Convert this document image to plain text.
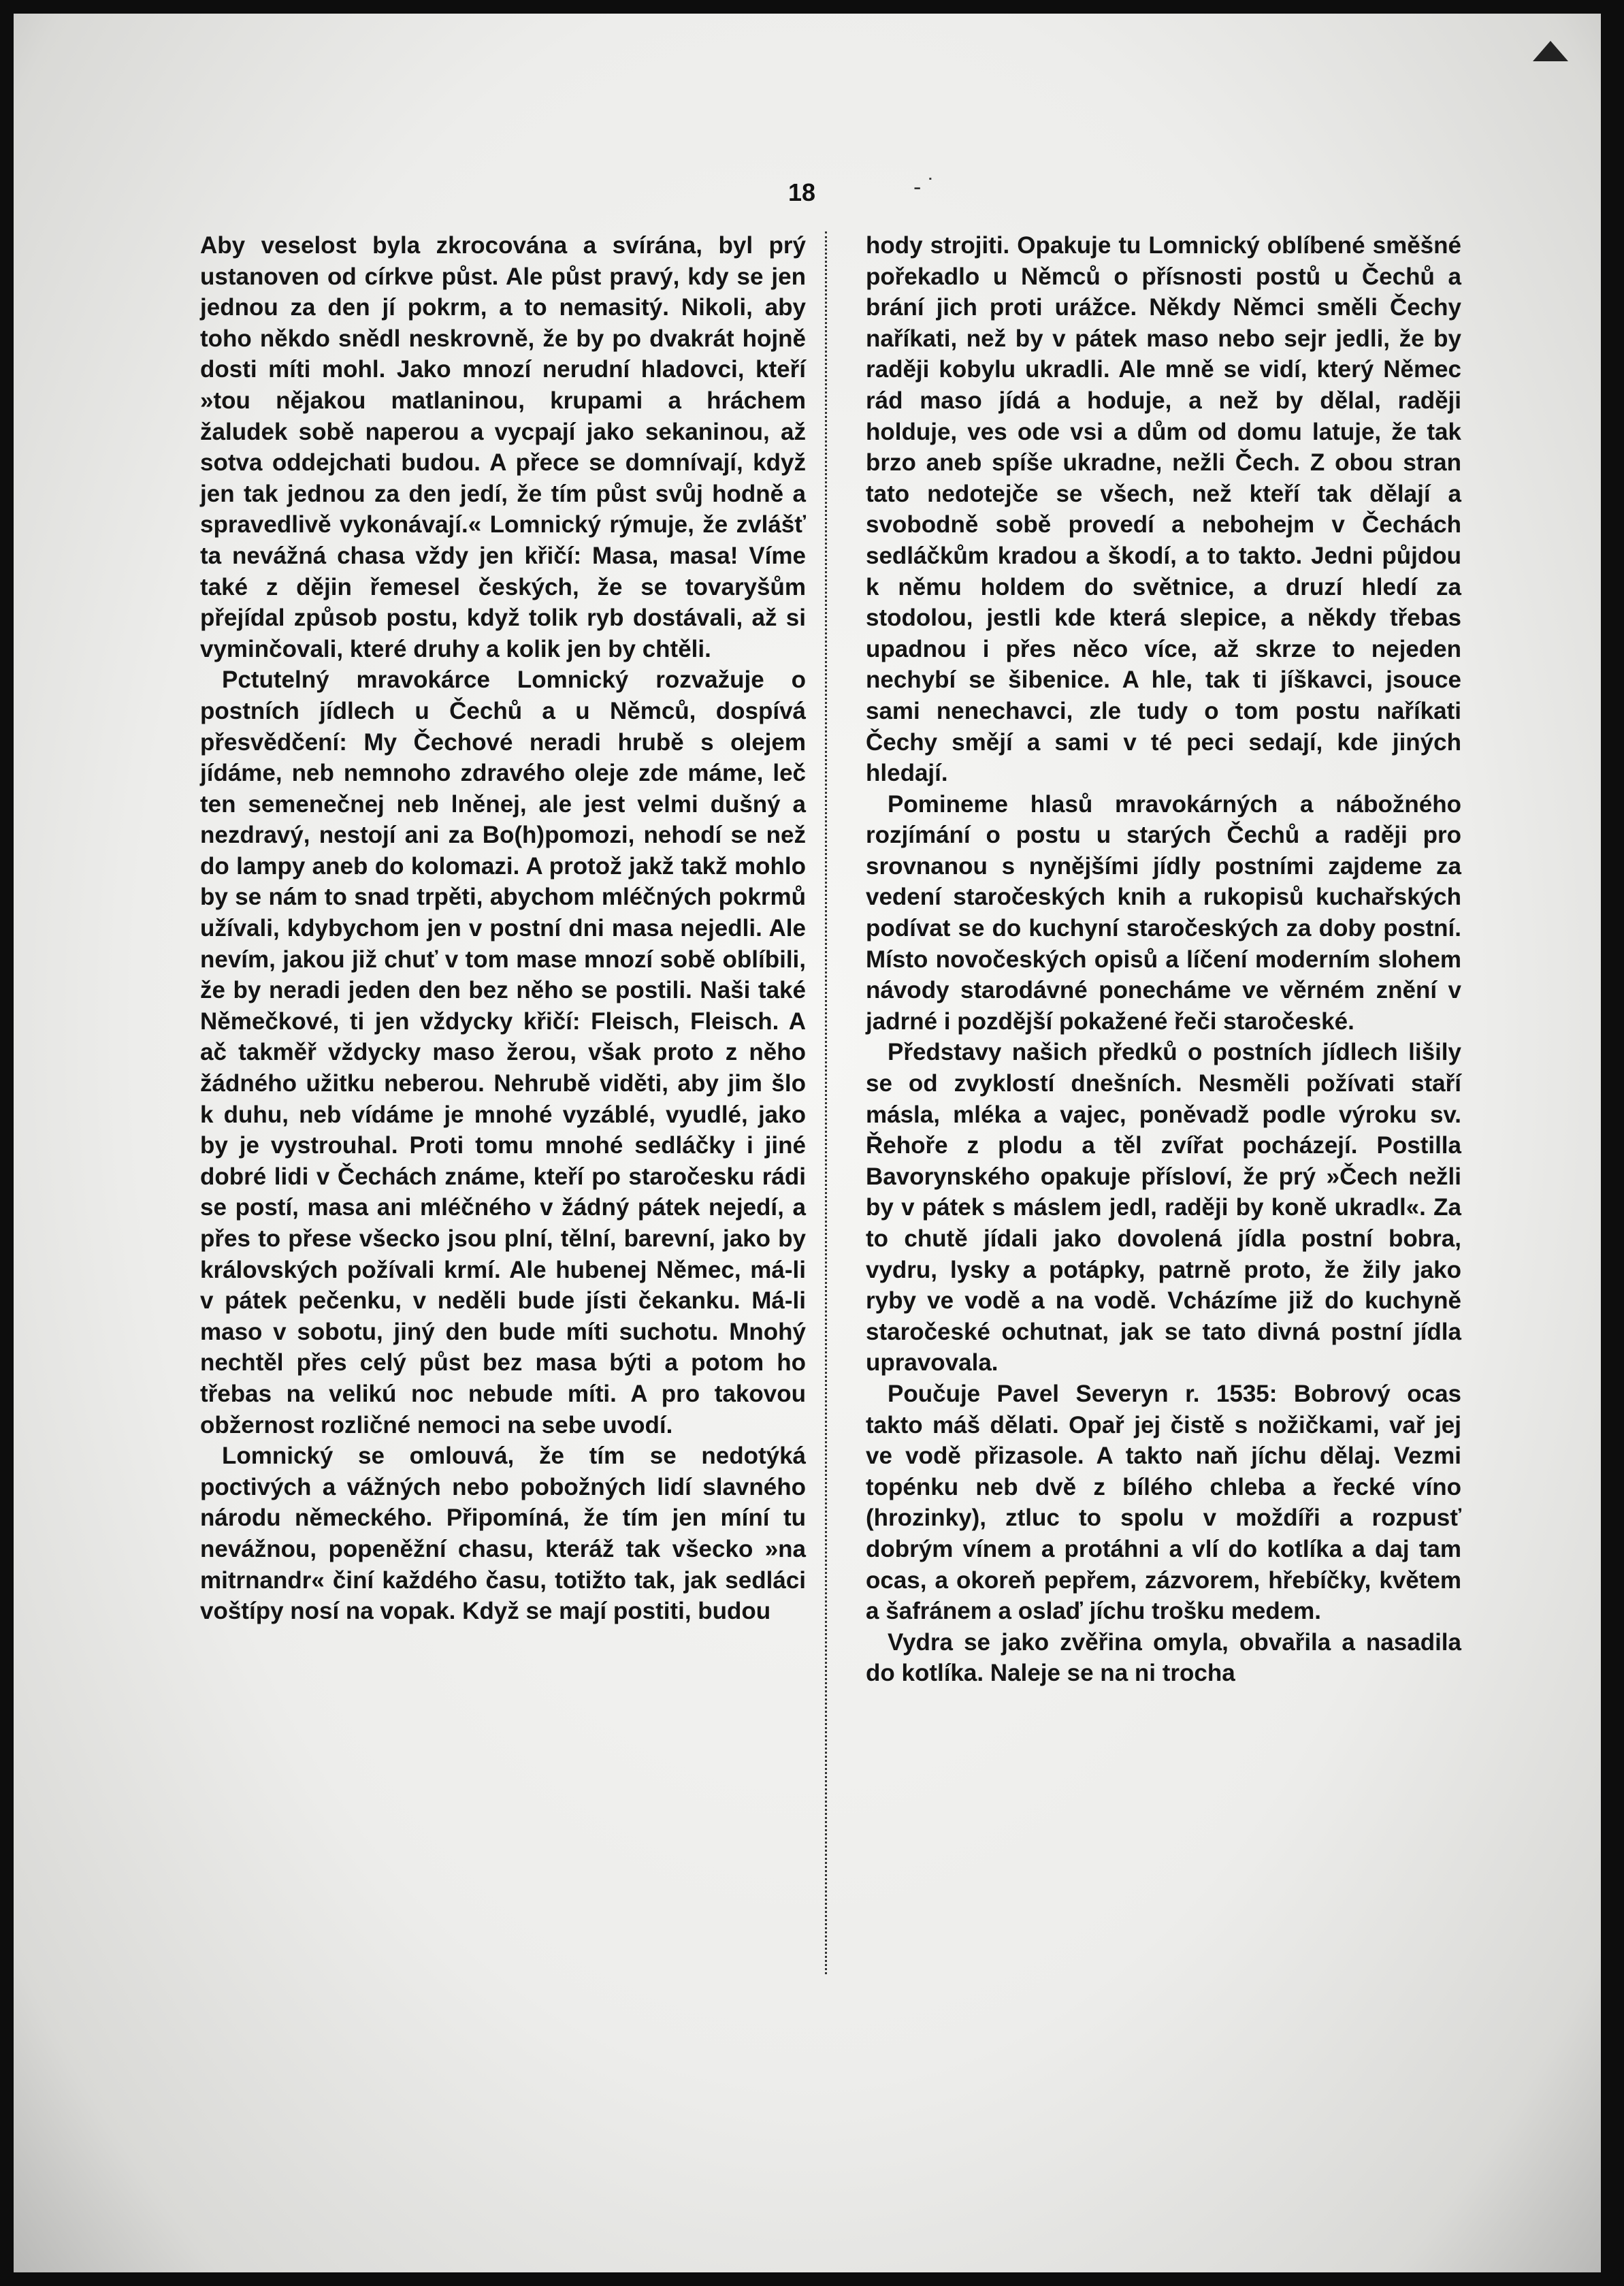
18	- ˙

Aby veselost byla zkrocována a svírána, byl prý ustanoven od církve půst. Ale půst pravý, kdy se jen jednou za den jí pokrm, a to nemasitý. Nikoli, aby toho někdo snědl neskrovně, že by po dvakrát hojně dosti míti mohl. Jako mnozí nerudní hladovci, kteří »tou nějakou matlaninou, krupami a hráchem žaludek sobě naperou a vycpají jako sekaninou, až sotva oddejchati budou. A přece se domnívají, když jen tak jednou za den jedí, že tím půst svůj hodně a spravedlivě vykonávají.« Lomnický rýmuje, že zvlášť ta nevážná chasa vždy jen křičí: Masa, masa! Víme také z dějin řemesel českých, že se tovaryšům přejídal způsob postu, když tolik ryb dostávali, až si vyminčovali, které druhy a kolik jen by chtěli.

Pctutelný mravokárce Lomnický rozvažuje o postních jídlech u Čechů a u Němců, dospívá přesvědčení: My Čechové neradi hrubě s olejem jídáme, neb nemnoho zdravého oleje zde máme, leč ten semenečnej neb lněnej, ale jest velmi dušný a nezdravý, nestojí ani za Bo(h)pomozi, nehodí se než do lampy aneb do kolomazi. A protož jakž takž mohlo by se nám to snad trpěti, abychom mléčných pokrmů užívali, kdybychom jen v postní dni masa nejedli. Ale nevím, jakou již chuť v tom mase mnozí sobě oblíbili, že by neradi jeden den bez něho se postili. Naši také Němečkové, ti jen vždycky křičí: Fleisch, Fleisch. A ač takměř vždycky maso žerou, však proto z něho žádného užitku neberou. Nehrubě viděti, aby jim šlo k duhu, neb vídáme je mnohé vyzáblé, vyudlé, jako by je vystrouhal. Proti tomu mnohé sedláčky i jiné dobré lidi v Čechách známe, kteří po staročesku rádi se postí, masa ani mléčného v žádný pátek nejedí, a přes to přese všecko jsou plní, tělní, barevní, jako by královských požívali krmí. Ale hubenej Němec, má-li v pátek pečenku, v neděli bude jísti čekanku. Má-li maso v sobotu, jiný den bude míti suchotu. Mnohý nechtěl přes celý půst bez masa býti a potom ho třebas na velikú noc nebude míti. A pro takovou obžernost rozličné nemoci na sebe uvodí.

Lomnický se omlouvá, že tím se nedotýká poctivých a vážných nebo pobožných lidí slavného národu německého. Připomíná, že tím jen míní tu nevážnou, popeněžní chasu, kteráž tak všecko »na mitrnandr« činí každého času, totižto tak, jak sedláci voštípy nosí na vopak. Když se mají postiti, budou

hody strojiti. Opakuje tu Lomnický oblíbené směšné pořekadlo u Němců o přísnosti postů u Čechů a brání jich proti urážce. Někdy Němci směli Čechy naříkati, než by v pátek maso nebo sejr jedli, že by raději kobylu ukradli. Ale mně se vidí, který Němec rád maso jídá a hoduje, a než by dělal, raději holduje, ves ode vsi a dům od domu latuje, že tak brzo aneb spíše ukradne, nežli Čech. Z obou stran tato nedotejče se všech, než kteří tak dělají a svobodně sobě provedí a nebohejm v Čechách sedláčkům kradou a škodí, a to takto. Jedni půjdou k němu holdem do světnice, a druzí hledí za stodolou, jestli kde která slepice, a někdy třebas upadnou i přes něco více, až skrze to nejeden nechybí se šibenice. A hle, tak ti jíškavci, jsouce sami nenechavci, zle tudy o tom postu naříkati Čechy smějí a sami v té peci sedají, kde jiných hledají.

Pomineme hlasů mravokárných a nábožného rozjímání o postu u starých Čechů a raději pro srovnanou s nynějšími jídly postními zajdeme za vedení staročeských knih a rukopisů kuchařských podívat se do kuchyní staročeských za doby postní. Místo novočeských opisů a líčení moderním slohem návody starodávné ponecháme ve věrném znění v jadrné i pozdější pokažené řeči staročeské.

Představy našich předků o postních jídlech lišily se od zvyklostí dnešních. Nesměli požívati staří másla, mléka a vajec, poněvadž podle výroku sv. Řehoře z plodu a těl zvířat pocházejí. Postilla Bavorynského opakuje přísloví, že prý »Čech nežli by v pátek s máslem jedl, raději by koně ukradl«. Za to chutě jídali jako dovolená jídla postní bobra, vydru, lysky a potápky, patrně proto, že žily jako ryby ve vodě a na vodě. Vcházíme již do kuchyně staročeské ochutnat, jak se tato divná postní jídla upravovala.

Poučuje Pavel Severyn r. 1535: Bobrový ocas takto máš dělati. Opař jej čistě s nožičkami, vař jej ve vodě přizasole. A takto naň jíchu dělaj. Vezmi topénku neb dvě z bílého chleba a řecké víno (hrozinky), ztluc to spolu v moždíři a rozpusť dobrým vínem a protáhni a vlí do kotlíka a daj tam ocas, a okoreň pepřem, zázvorem, hřebíčky, květem a šafránem a oslaď jíchu trošku medem.

Vydra se jako zvěřina omyla, obvařila a nasadila do kotlíka. Naleje se na ni trocha
